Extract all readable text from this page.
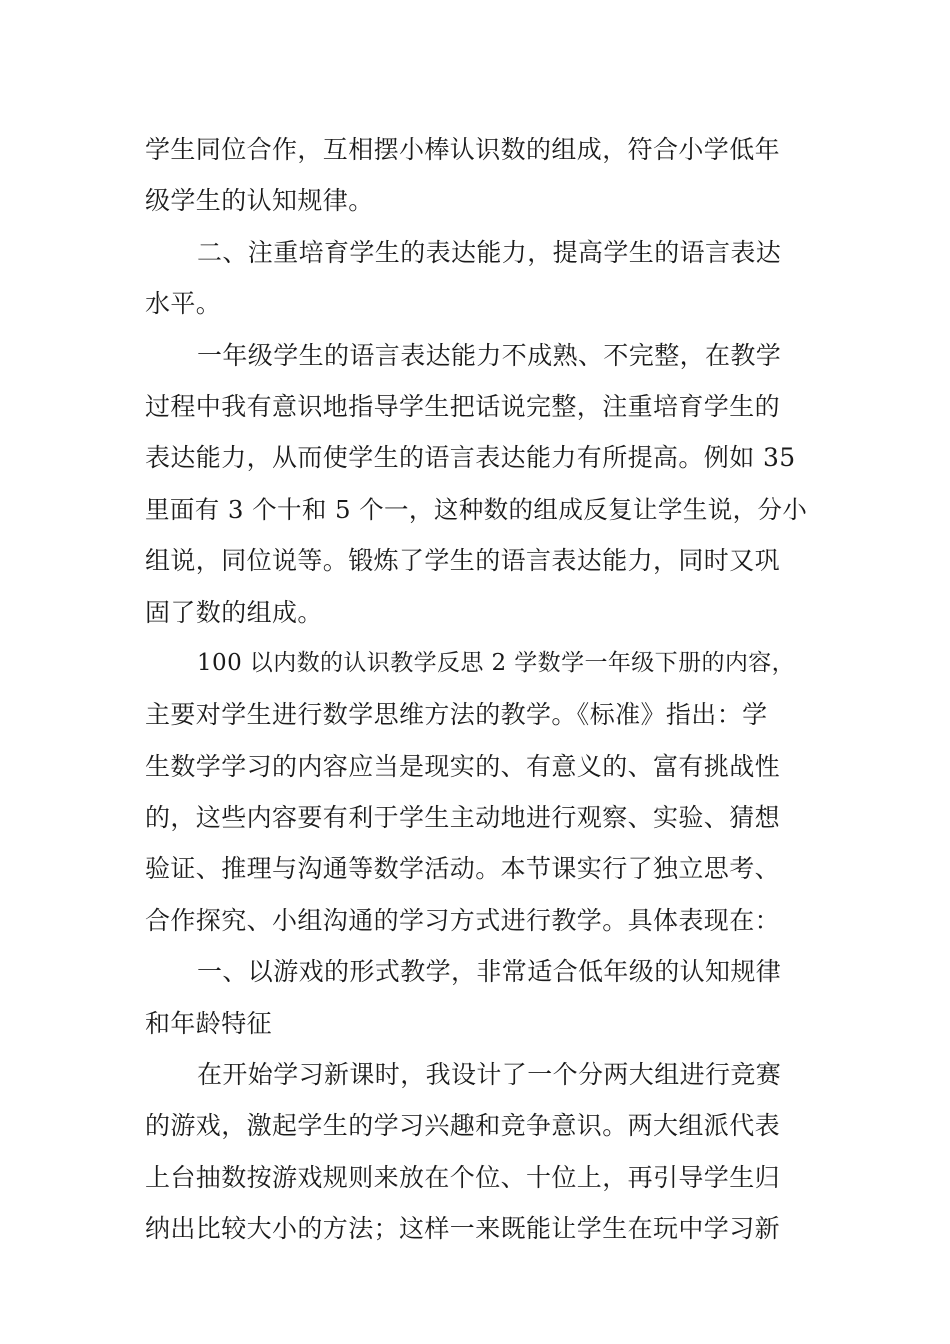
学生同位合作，互相摆小棒认识数的组成，符合小学低年
级学生的认知规律。
二、注重培育学生的表达能力，提高学生的语言表达
水平。
一年级学生的语言表达能力不成熟、不完整，在教学
过程中我有意识地指导学生把话说完整，注重培育学生的
表达能力，从而使学生的语言表达能力有所提高。例如 35
里面有 3 个十和 5 个一，这种数的组成反复让学生说，分小
组说，同位说等。锻炼了学生的语言表达能力，同时又巩
固了数的组成。
100 以内数的认识教学反思 2 学数学一年级下册的内容，
主要对学生进行数学思维方法的教学。《标准》指出：学
生数学学习的内容应当是现实的、有意义的、富有挑战性
的，这些内容要有利于学生主动地进行观察、实验、猜想
验证、推理与沟通等数学活动。本节课实行了独立思考、
合作探究、小组沟通的学习方式进行教学。具体表现在：
一、以游戏的形式教学，非常适合低年级的认知规律
和年龄特征
在开始学习新课时，我设计了一个分两大组进行竞赛
的游戏，激起学生的学习兴趣和竞争意识。两大组派代表
上台抽数按游戏规则来放在个位、十位上，再引导学生归
纳出比较大小的方法；这样一来既能让学生在玩中学习新
